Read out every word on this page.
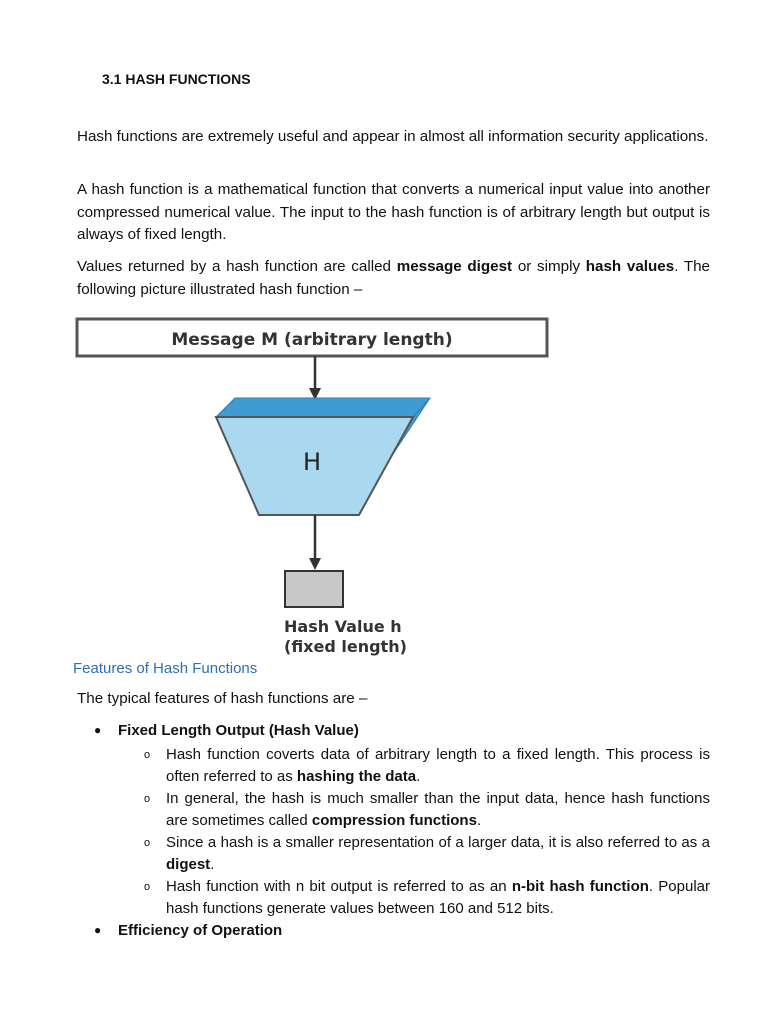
3.1 HASH FUNCTIONS
Hash functions are extremely useful and appear in almost all information security applications.
A hash function is a mathematical function that converts a numerical input value into another compressed numerical value. The input to the hash function is of arbitrary length but output is always of fixed length.
Values returned by a hash function are called message digest or simply hash values. The following picture illustrated hash function –
Message M (arbitrary length)
H
Hash Value h
(fixed length)
Features of Hash Functions
The typical features of hash functions are –
● Fixed Length Output (Hash Value)
o Hash function coverts data of arbitrary length to a fixed length. This process is often referred to as hashing the data.
o In general, the hash is much smaller than the input data, hence hash functions are sometimes called compression functions.
o Since a hash is a smaller representation of a larger data, it is also referred to as a digest.
o Hash function with n bit output is referred to as an n-bit hash function. Popular hash functions generate values between 160 and 512 bits.
● Efficiency of Operation
